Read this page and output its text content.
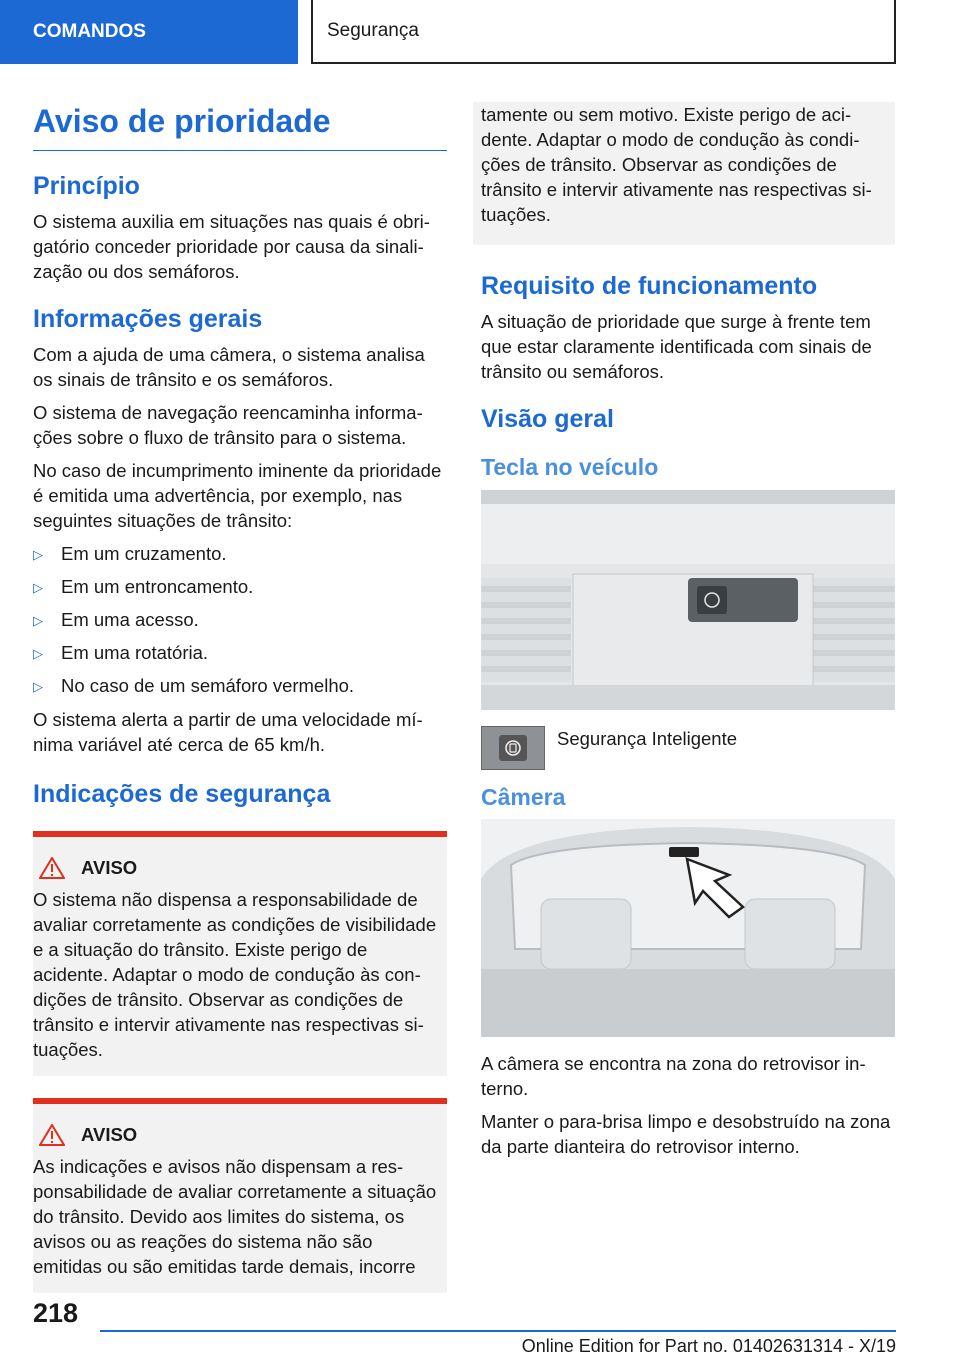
COMANDOS	Segurança
Aviso de prioridade
Princípio

O sistema auxilia em situações nas quais é obrigatório conceder prioridade por causa da sinalização ou dos semáforos.

Informações gerais

Com a ajuda de uma câmera, o sistema analisa os sinais de trânsito e os semáforos.

O sistema de navegação reencaminha informações sobre o fluxo de trânsito para o sistema.

No caso de incumprimento iminente da prioridade é emitida uma advertência, por exemplo, nas seguintes situações de trânsito:

▷ Em um cruzamento.
▷ Em um entroncamento.
▷ Em uma acesso.
▷ Em uma rotatória.
▷ No caso de um semáforo vermelho.

O sistema alerta a partir de uma velocidade mínima variável até cerca de 65 km/h.

Indicações de segurança
AVISO

O sistema não dispensa a responsabilidade de avaliar corretamente as condições de visibilidade e a situação do trânsito. Existe perigo de acidente. Adaptar o modo de condução às condições de trânsito. Observar as condições de trânsito e intervir ativamente nas respectivas situações.

AVISO

As indicações e avisos não dispensam a responsabilidade de avaliar corretamente a situação do trânsito. Devido aos limites do sistema, os avisos ou as reações do sistema não são emitidas ou são emitidas tarde demais, incorre

tamente ou sem motivo. Existe perigo de acidente. Adaptar o modo de condução às condições de trânsito. Observar as condições de trânsito e intervir ativamente nas respectivas situações.

Requisito de funcionamento

A situação de prioridade que surge à frente tem que estar claramente identificada com sinais de trânsito ou semáforos.

Visão geral
Tecla no veículo

Segurança Inteligente

Câmera

A câmera se encontra na zona do retrovisor interno.

Manter o para-brisa limpo e desobstruído na zona da parte dianteira do retrovisor interno.

218
Online Edition for Part no. 01402631314 - X/19
